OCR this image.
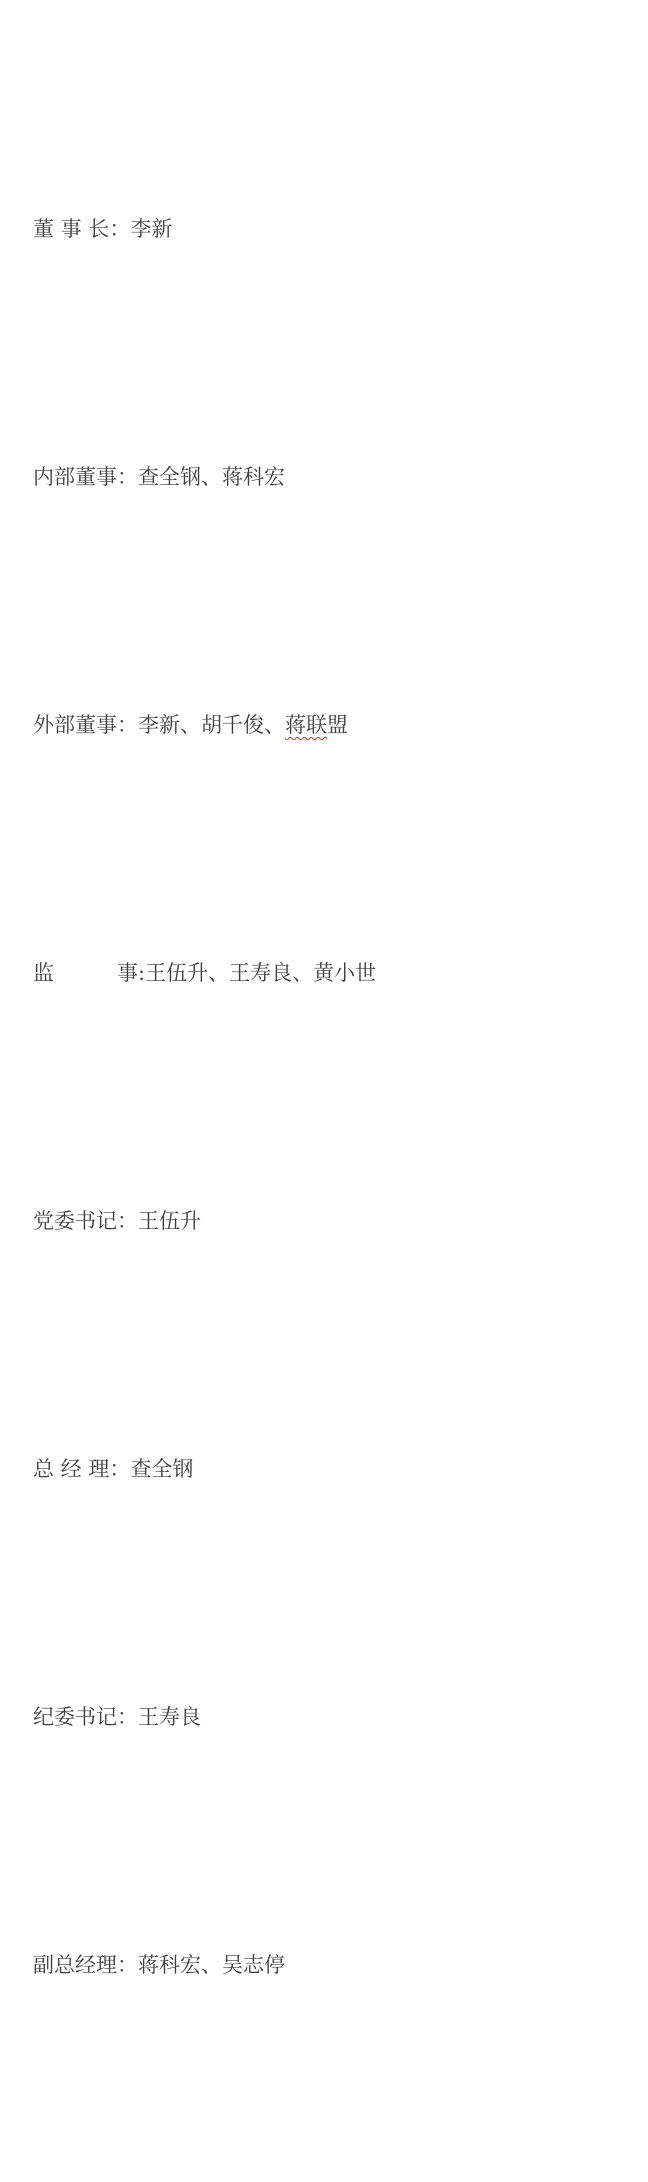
董 事 长：李新

内部董事：查全钢、蒋科宏

外部董事：李新、胡千俊、蒋联盟

监　　　事:王伍升、王寿良、黄小世

党委书记：王伍升

总 经 理：查全钢

纪委书记：王寿良

副总经理：蒋科宏、吴志停
